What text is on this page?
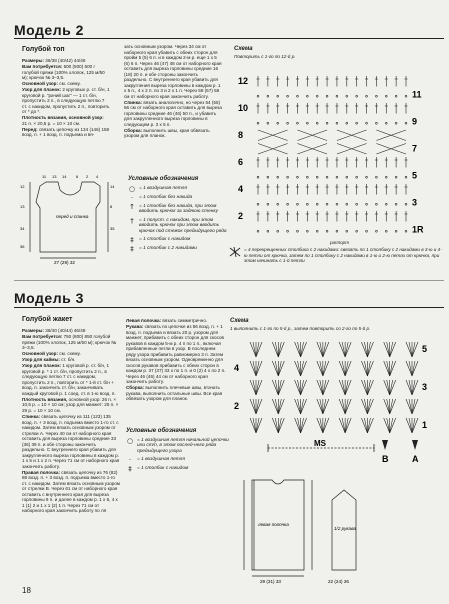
Модель 2
Голубой топ

Размеры: 36/38 (40/42) 44/46

Вам потребуется: 500 (500) 600 г голубой пряжи (100% хлопок, 125 м/50 м); крючок № 3–3,5.

Основной узор: см. схему.

Узор для планок: 2 круговых р. ст. б/н, 1 круговой р. "рачий шаг" — 1 ст. б/н, пропустить 2 п., в следующую петлю 7 ст. с накидом, пропустить 2 п., повторить от * до *.

Плотность вязания, основной узор: 21 п. × 20,5 р. = 10 × 10 см.

Перед: связать цепочку из 134 (146) 158 возд. п. + 1 возд. п. подъема и вя-

зать основным узором. Через 34 см от наборного края убавить с обеих сторон для пройм 5 (5) 6 п. и в каждом 2-м р. еще 1 х 5 (6) 6 п. Через 46 (47) 48 см от наборного края оставить для выреза горловины средние 16 (18) 20 п. и обе стороны закончить раздельно. С внутреннего края убавить для закругления выреза горловины в каждом р. 1 х 5 п., 4 х 2 п. по 3 и 2 х 1 п. Через 58 (57) 58 см от наборного края закончить работу.

Спинка: вязать аналогично, но через 54 (55) 56 см от наборного края оставить для выреза горловины средние 46 (46) 50 п., и убавить для закругленного выреза горловины в следующем р. 3 х 5 п.

Сборка: выполнить швы, края обвязать узором для планок.

перед и спинка
27 (29) 32
11 13 14 6 2 4
12
13
14
8
34	35
36
Условные обозначения
○ = 1 воздушная петля
·	= 1 столбик без накида
↑ = 1 столбик без накида, при этом вводить крючок за заднюю стенку
†	= 1 полуст. с накидом, при этом вводить крючок при этом вводить крючок под стежок предыдущего ряда
‡	= 1 столбик с накидом
‡	= 1 столбик с 2 накидами
Схема
Повторить с 1-го по 12-й р.
12
10
8
6
4
2
11
9
7
5
3
1R
раппорт
= 4 перекрещенных столбика с 2 накидами: связать по 1 столбику с 2 накидами в 3-ю и 4-ю петли от крючка, затем по 1 столбику с 2 накидами в 1-ю и 2-ю петли от крючка, при этом начинать с 1-й петли
Модель 3
Голубой жакет

Размеры: 36/40 (40/44) 46/48

Вам потребуется: 750 (800) 850 голубой пряжи (100% хлопок, 125 м/50 м); крючок № 3–3,5.

Основной узор: см. схему.

Узор для каймы: ст. б/н.

Узор для планок: 1 круговой р. ст. б/н, 1 круговой р. * 1 ст. б/н, пропустить 2 п., в следующую петлю 7 ст. с накидом, пропустить 2 п., повторить от * 1-й ст. б/н + возд. п. закончить ст. б/н, заканчивать каждый круговой р. 1 соед. ст. в 1-ю возд. п.

Плотность вязания, основной узор: 26 п. × 10,5 р. = 10 × 10 см; узор для манжет: 25 п. × 29 р. = 10 × 10 см.

Спинка: связать цепочку из 111 (123) 135 возд. п. + 3 возд. п. подъема вместо 1-го ст. с накидом. Затем вязать основным узором от стрелки А. Через 40 см от наборного края оставить для выреза горловины средние 33 (36) 39 п. и обе стороны закончить раздельно. С внутреннего края убавить для закругленного выреза горловины в каждом р. 1 х 5 и 1 х 2 п. Через 71 см от наборного края закончить работу.

Правая полочка: связать цепочку из 76 (82) 88 возд. п. + 3 возд. п. подъема вместо 1-го ст. с накидом. Затем вязать основным узором от стрелки В. Через 61 см от наборного края оставить с внутреннего края для выреза горловины 9 п. и далее в каждом р. 1 х 6, 4 х 1 (1) 2 и 1 х 1 (2) 1 п. Через 71 см от наборного края закончить работу по ля

Левая полочка: вязать симметрично.

Рукава: связать по цепочке из 56 возд. п. + 1 возд. п. подъема и вязать 20 р. узором для манжет, прибавить с обеих сторон для скосов рукавов в каждом 5-м р. 4 п по 1 п., включая прибавленные петли в узор. В последнем ряду узора прибавить равномерно 3 п. Затем вязать основным узором. Одновременно для скосов рукавов прибавить с обеих сторон в каждом р. 37 (37) 33 х по 1 п. и 0 (2) 4 х по 2 п. Через 46 (46) 44 см от наборного края закончить работу.

Сборка: выполнить плечевые швы, втачать рукава, выполнить остальные швы. Все края обвязать узором для планок.

Условные обозначения
○ = 1 воздушная петля начальной цепочки или ст/п, в этом послед-него ряда предыдущего узора
·	= 1 воздушная петля
‡	= 1 столбик с накидом
Схема
1 выполнить с 1-го по 5-й р., затем повторить со 2-го по 5-й р.
4
2
5
3
1
MS
B	A
левая полочка
1/2 рукава
29 (31) 33	22 (24) 26
18
